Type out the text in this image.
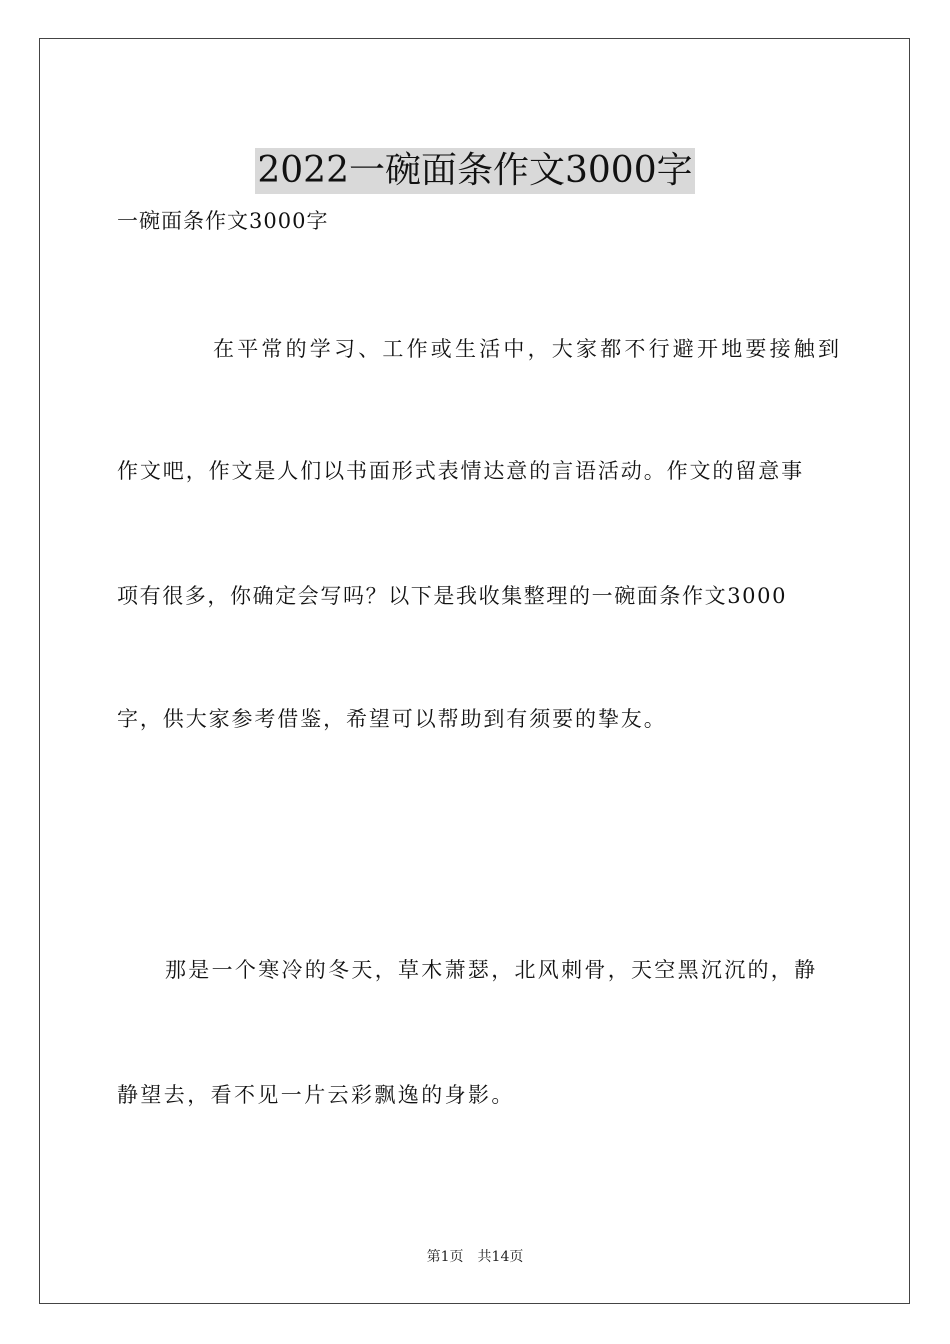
2022一碗面条作文3000字
一碗面条作文3000字
在平常的学习、工作或生活中，大家都不行避开地要接触到
作文吧，作文是人们以书面形式表情达意的言语活动。作文的留意事
项有很多，你确定会写吗？以下是我收集整理的一碗面条作文3000
字，供大家参考借鉴，希望可以帮助到有须要的挚友。
那是一个寒冷的冬天，草木萧瑟，北风刺骨，天空黑沉沉的，静
静望去，看不见一片云彩飘逸的身影。
第1页 共14页
